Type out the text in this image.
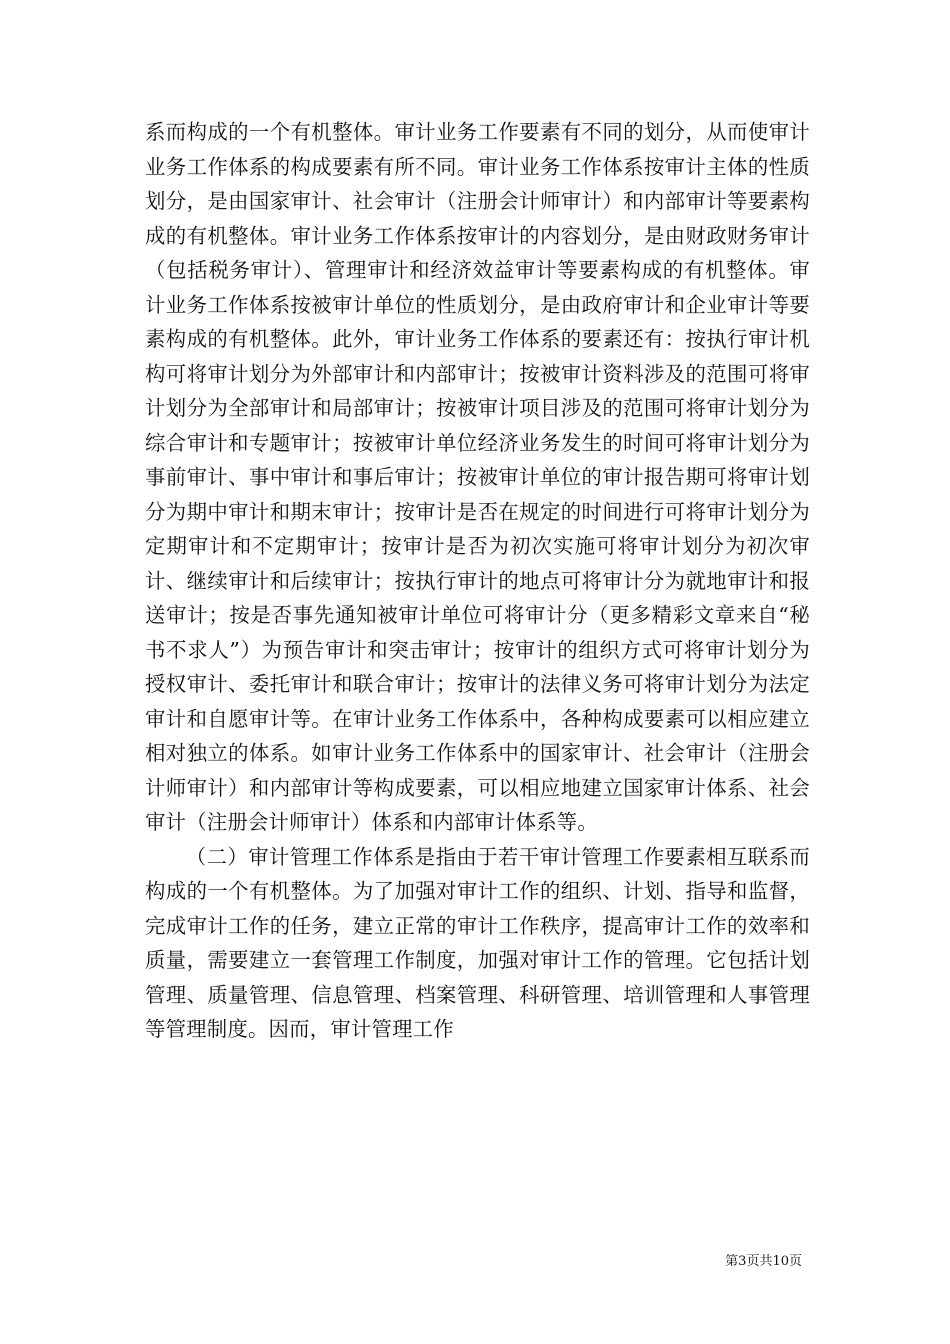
系而构成的一个有机整体。审计业务工作要素有不同的划分，从而使审计业务工作体系的构成要素有所不同。审计业务工作体系按审计主体的性质划分，是由国家审计、社会审计（注册会计师审计）和内部审计等要素构成的有机整体。审计业务工作体系按审计的内容划分，是由财政财务审计（包括税务审计）、管理审计和经济效益审计等要素构成的有机整体。审计业务工作体系按被审计单位的性质划分，是由政府审计和企业审计等要素构成的有机整体。此外，审计业务工作体系的要素还有：按执行审计机构可将审计划分为外部审计和内部审计；按被审计资料涉及的范围可将审计划分为全部审计和局部审计；按被审计项目涉及的范围可将审计划分为综合审计和专题审计；按被审计单位经济业务发生的时间可将审计划分为事前审计、事中审计和事后审计；按被审计单位的审计报告期可将审计划分为期中审计和期末审计；按审计是否在规定的时间进行可将审计划分为定期审计和不定期审计；按审计是否为初次实施可将审计划分为初次审计、继续审计和后续审计；按执行审计的地点可将审计分为就地审计和报送审计；按是否事先通知被审计单位可将审计分（更多精彩文章来自“秘书不求人”）为预告审计和突击审计；按审计的组织方式可将审计划分为授权审计、委托审计和联合审计；按审计的法律义务可将审计划分为法定审计和自愿审计等。在审计业务工作体系中，各种构成要素可以相应建立相对独立的体系。如审计业务工作体系中的国家审计、社会审计（注册会计师审计）和内部审计等构成要素，可以相应地建立国家审计体系、社会审计（注册会计师审计）体系和内部审计体系等。

（二）审计管理工作体系是指由于若干审计管理工作要素相互联系而构成的一个有机整体。为了加强对审计工作的组织、计划、指导和监督，完成审计工作的任务，建立正常的审计工作秩序，提高审计工作的效率和质量，需要建立一套管理工作制度，加强对审计工作的管理。它包括计划管理、质量管理、信息管理、档案管理、科研管理、培训管理和人事管理等管理制度。因而，审计管理工作

第3页共10页
